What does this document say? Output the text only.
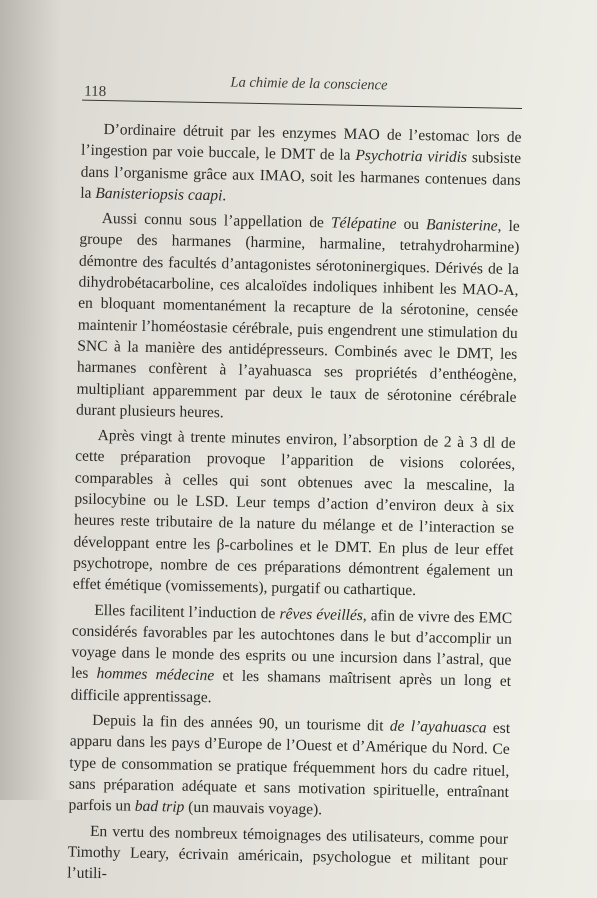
118	La chimie de la conscience

D’ordinaire détruit par les enzymes MAO de l’estomac lors de l’ingestion par voie buccale, le DMT de la Psychotria viridis subsiste dans l’organisme grâce aux IMAO, soit les harmanes contenues dans la Banisteriopsis caapi.

Aussi connu sous l’appellation de Télépatine ou Banisterine, le groupe des harmanes (harmine, harmaline, tetrahydroharmine) démontre des facultés d’antagonistes sérotoninergiques. Dérivés de la dihydrobétacarboline, ces alcaloïdes indoliques inhibent les MAO-A, en bloquant momentanément la recapture de la sérotonine, censée maintenir l’homéostasie cérébrale, puis engendrent une stimulation du SNC à la manière des antidépresseurs. Combinés avec le DMT, les harmanes confèrent à l’ayahuasca ses propriétés d’enthéogène, multipliant apparemment par deux le taux de sérotonine cérébrale durant plusieurs heures.

Après vingt à trente minutes environ, l’absorption de 2 à 3 dl de cette préparation provoque l’apparition de visions colorées, comparables à celles qui sont obtenues avec la mescaline, la psilocybine ou le LSD. Leur temps d’action d’environ deux à six heures reste tributaire de la nature du mélange et de l’interaction se développant entre les β-carbolines et le DMT. En plus de leur effet psychotrope, nombre de ces préparations démontrent également un effet émétique (vomissements), purgatif ou cathartique.

Elles facilitent l’induction de rêves éveillés, afin de vivre des EMC considérés favorables par les autochtones dans le but d’accomplir un voyage dans le monde des esprits ou une incursion dans l’astral, que les hommes médecine et les shamans maîtrisent après un long et difficile apprentissage.

Depuis la fin des années 90, un tourisme dit de l’ayahuasca est apparu dans les pays d’Europe de l’Ouest et d’Amérique du Nord. Ce type de consommation se pratique fréquemment hors du cadre rituel, sans préparation adéquate et sans motivation spirituelle, entraînant parfois un bad trip (un mauvais voyage).

En vertu des nombreux témoignages des utilisateurs, comme pour Timothy Leary, écrivain américain, psychologue et militant pour l’utili-
